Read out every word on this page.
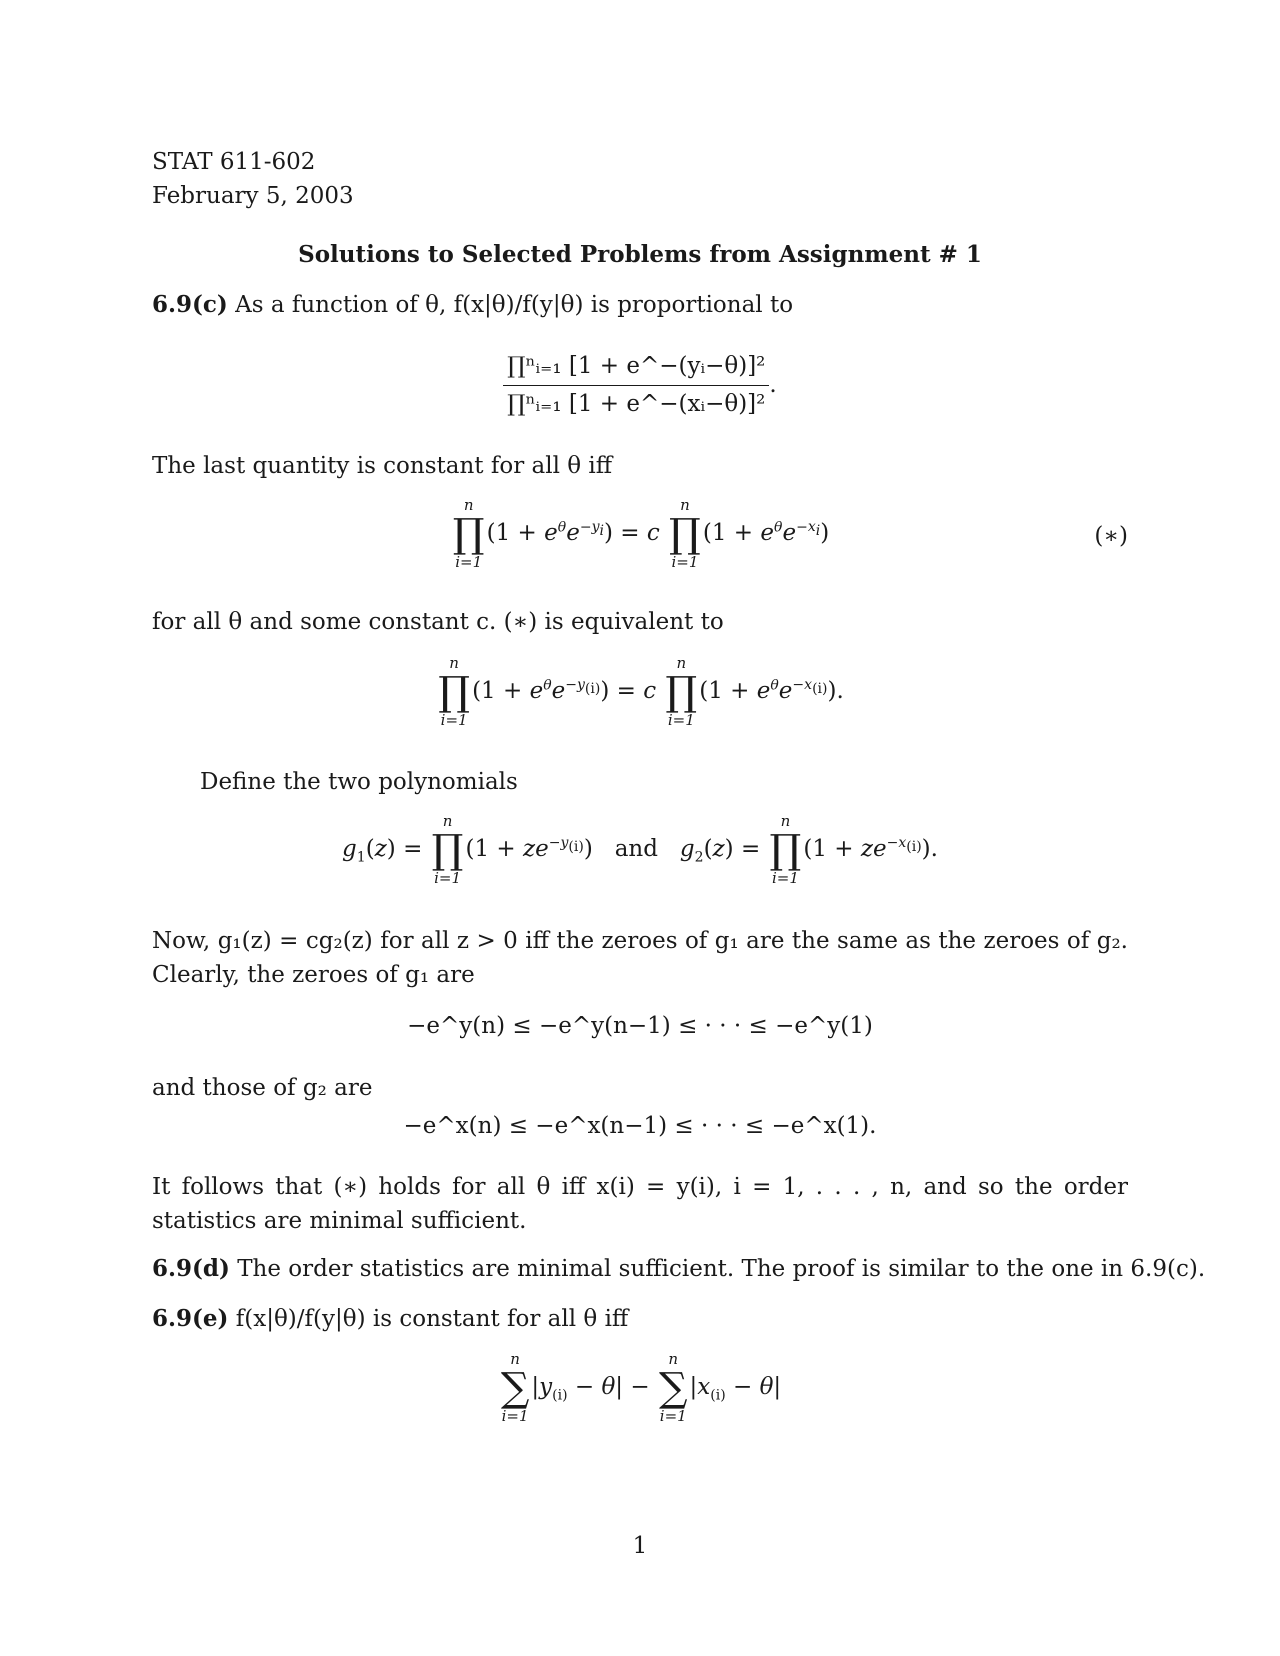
STAT 611-602
February 5, 2003
Solutions to Selected Problems from Assignment # 1
6.9(c) As a function of θ, f(x|θ)/f(y|θ) is proportional to
$\frac{\text{∏ⁿᵢ₌₁ [1 + e\textasciicircum{}−(yᵢ−θ)]²}}{\text{∏ⁿᵢ₌₁ [1 + e\textasciicircum{}−(xᵢ−θ)]²}}$ .
The last quantity is constant for all θ iff
n
∏
i=1
$(1 + e^\theta e^{-y_i}) = c$
n
∏
i=1
$(1 + e^\theta e^{-x_i})$	(∗)
for all θ and some constant c. (∗) is equivalent to
n
∏
i=1
$(1 + e^\theta e^{-y_{(i)}}) = c$
n
∏
i=1
$(1 + e^\theta e^{-x_{(i)}})$.
Define the two polynomials
$g_1(z)$ =
n
∏
i=1
$(1 + ze^{-y_{(i)}})$   and $g_2(z)$ =
n
∏
i=1
$(1 + ze^{-x_{(i)}})$.
Now, g₁(z) = cg₂(z) for all z > 0 iff the zeroes of g₁ are the same as the zeroes of g₂. Clearly, the zeroes of g₁ are
−e^y(n) ≤ −e^y(n−1) ≤ · · · ≤ −e^y(1)
and those of g₂ are
−e^x(n) ≤ −e^x(n−1) ≤ · · · ≤ −e^x(1).
It follows that (∗) holds for all θ iff x(i) = y(i), i = 1, . . . , n, and so the order statistics are minimal sufficient.
6.9(d) The order statistics are minimal sufficient. The proof is similar to the one in 6.9(c).
6.9(e) f(x|θ)/f(y|θ) is constant for all θ iff
n
∑
i=1
$|y_{(i)} - \theta|$ −
n
∑
i=1
$|x_{(i)} - \theta|$
1
